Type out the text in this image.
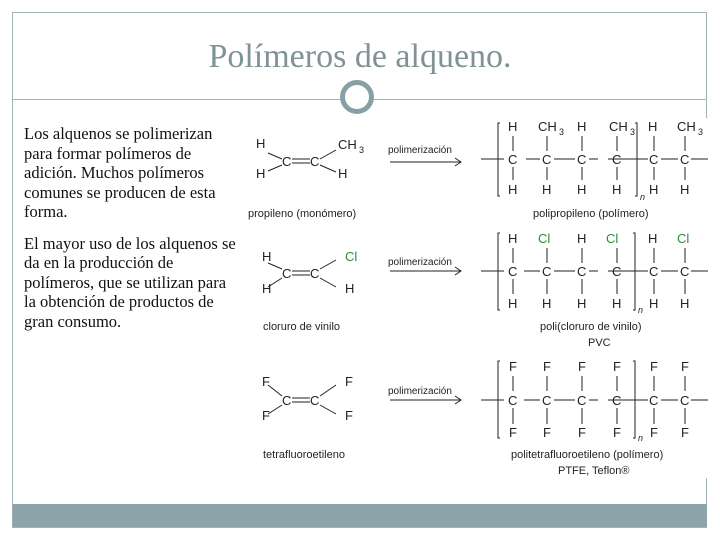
Polímeros de alqueno.

Los alquenos se polimerizan para formar polímeros de adición. Muchos polímeros comunes se producen de esta forma.

El mayor uso de los alquenos se da en la producción de polímeros, que se utilizan para la obtención de productos de gran consumo.

H
H
C C
CH 3
H
propileno (monómero)
polimerización
H CH 3 H CH 3 H CH 3
C C C C C C
H H H H H H
n
polipropileno (polímero)
H
H
C C
Cl
H
cloruro de vinilo
polimerización
H Cl H Cl H Cl
C C C C C C
H H H H H H
n
poli(cloruro de vinilo)
PVC
F
F
C C
F
F
tetrafluoroetileno
polimerización
F F F F F F
C C C C C C
F F F F F F
n
politetrafluoroetileno (polímero)
PTFE, Teflon®
